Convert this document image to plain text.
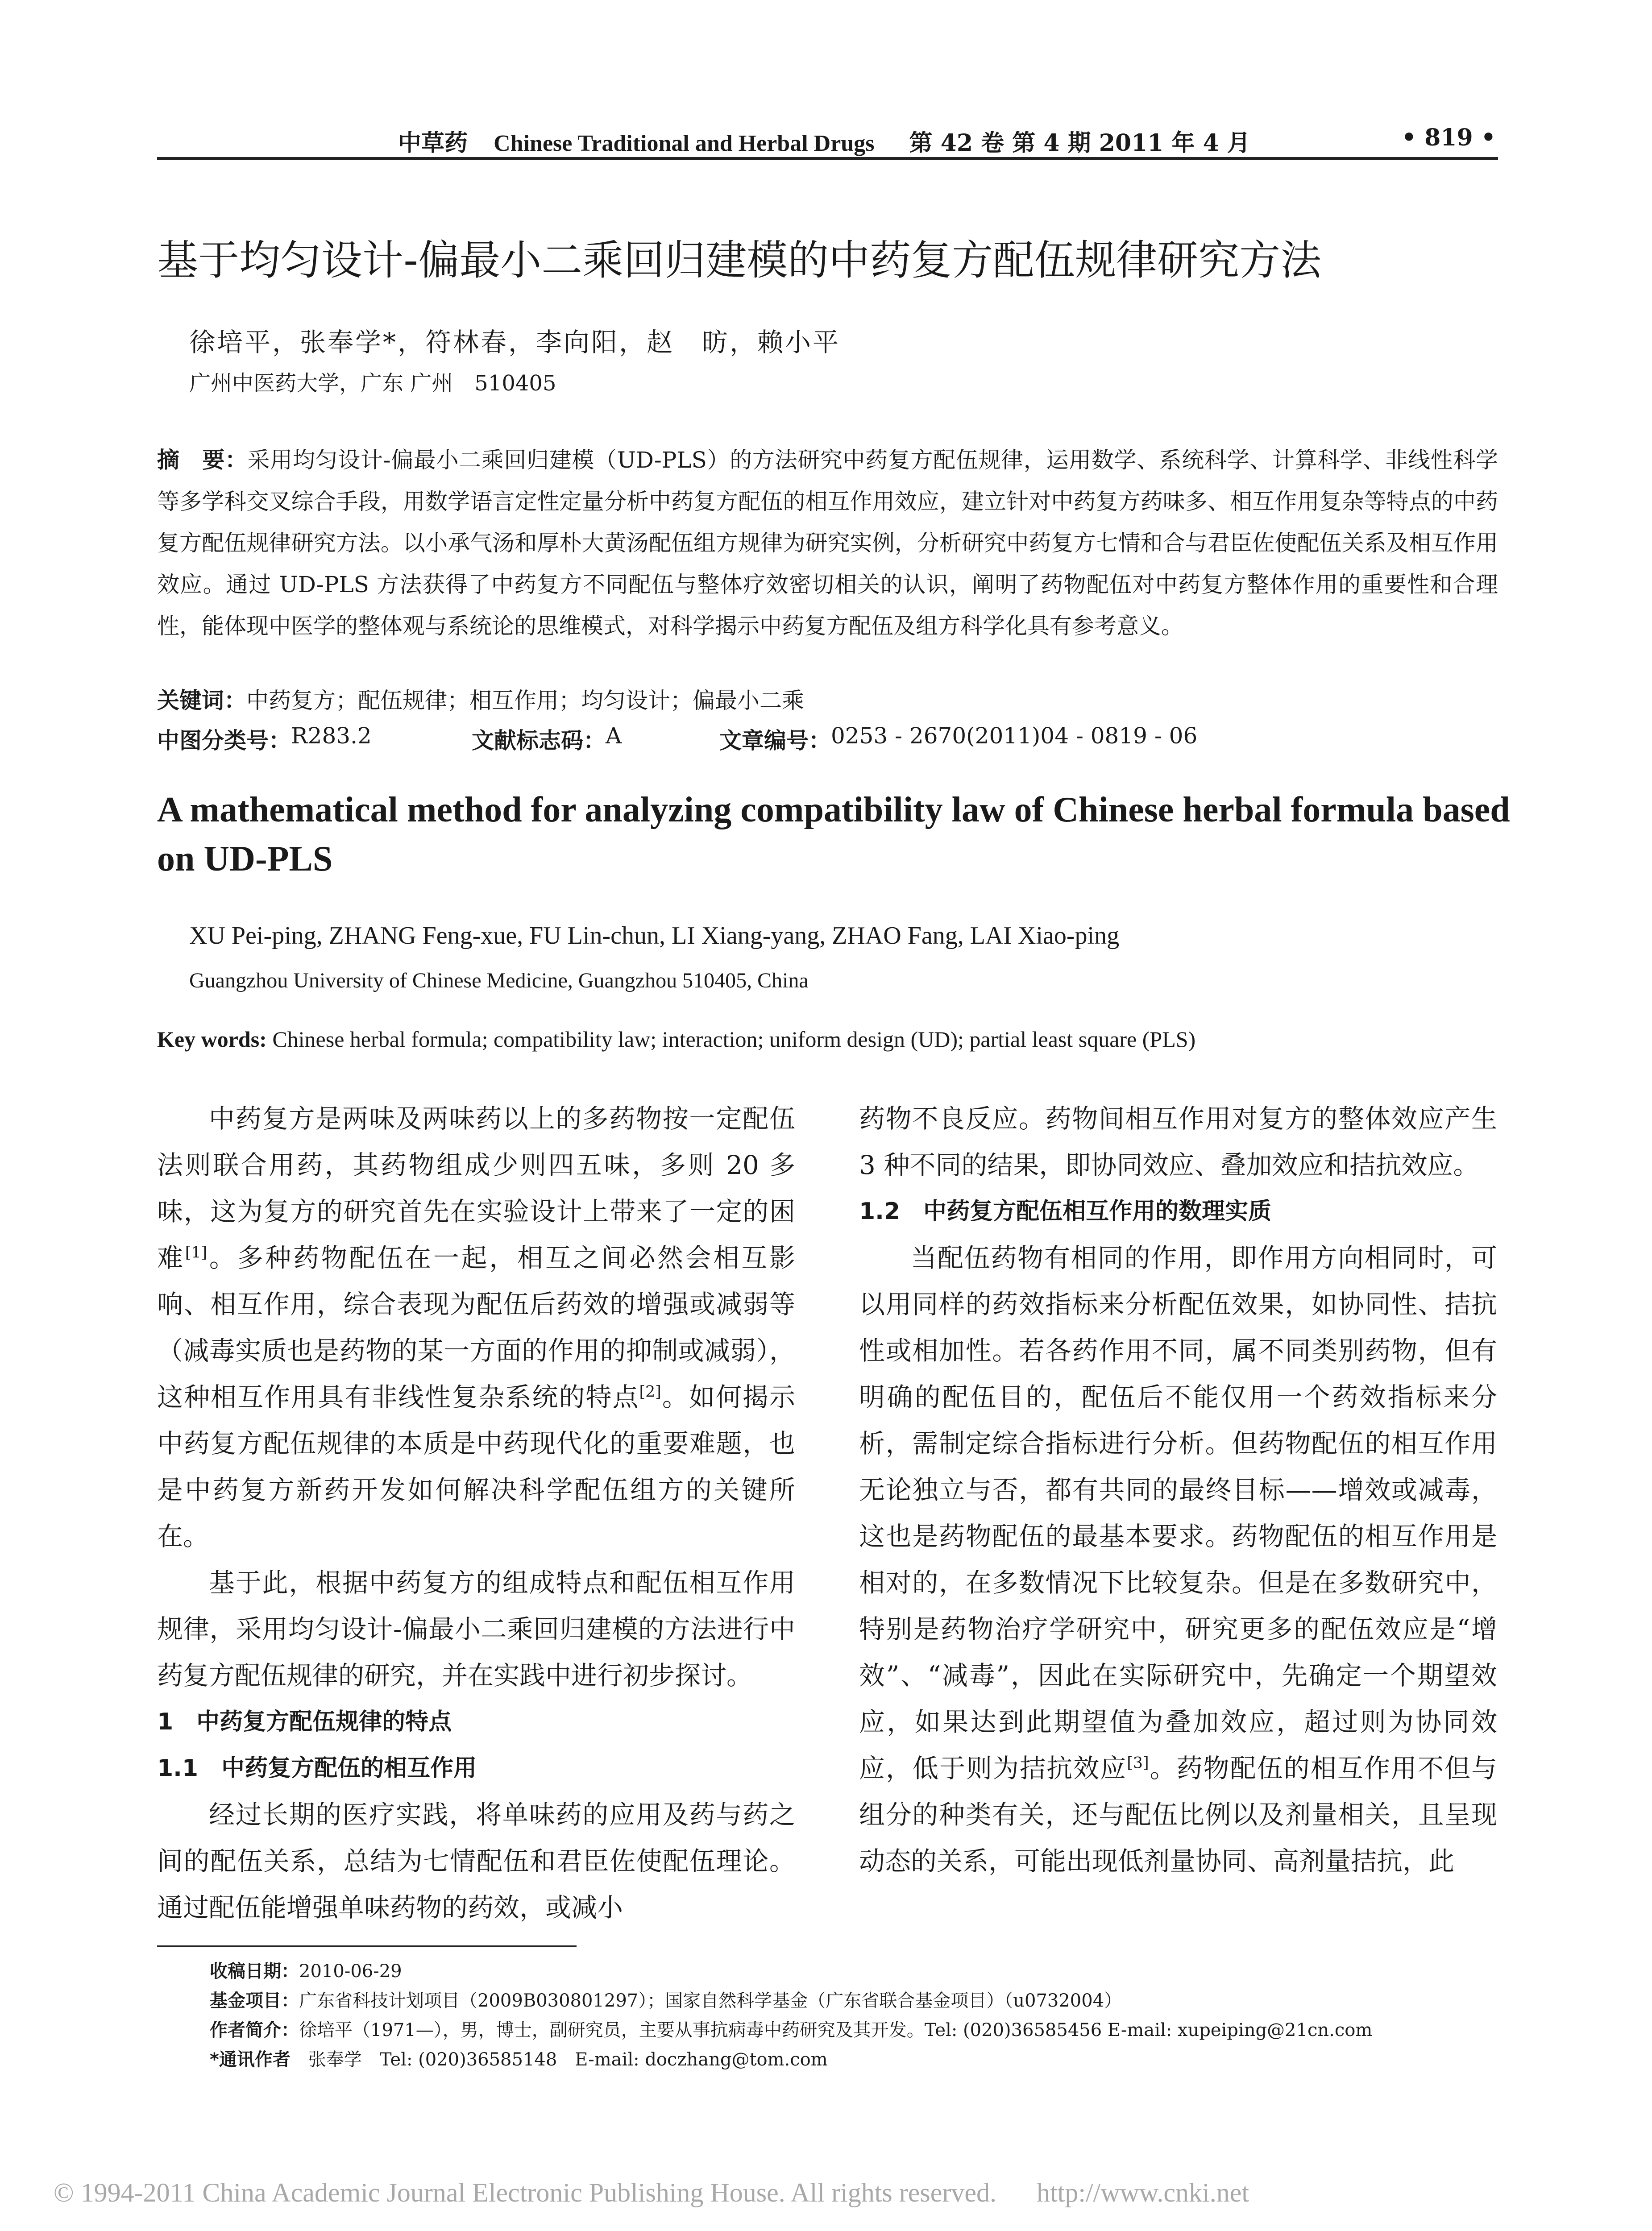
中草药 Chinese Traditional and Herbal Drugs 第 42 卷 第 4 期 2011 年 4 月	• 819 •
基于均匀设计-偏最小二乘回归建模的中药复方配伍规律研究方法
徐培平，张奉学*，符林春，李向阳，赵　昉，赖小平
广州中医药大学，广东 广州　510405
摘　要：采用均匀设计-偏最小二乘回归建模（UD-PLS）的方法研究中药复方配伍规律，运用数学、系统科学、计算科学、非线性科学等多学科交叉综合手段，用数学语言定性定量分析中药复方配伍的相互作用效应，建立针对中药复方药味多、相互作用复杂等特点的中药复方配伍规律研究方法。以小承气汤和厚朴大黄汤配伍组方规律为研究实例，分析研究中药复方七情和合与君臣佐使配伍关系及相互作用效应。通过 UD-PLS 方法获得了中药复方不同配伍与整体疗效密切相关的认识，阐明了药物配伍对中药复方整体作用的重要性和合理性，能体现中医学的整体观与系统论的思维模式，对科学揭示中药复方配伍及组方科学化具有参考意义。
关键词：中药复方；配伍规律；相互作用；均匀设计；偏最小二乘
中图分类号： R283.2	文献标志码： A	文章编号： 0253 - 2670(2011)04 - 0819 - 06
A mathematical method for analyzing compatibility law of Chinese herbal formula based on UD-PLS
XU Pei-ping, ZHANG Feng-xue, FU Lin-chun, LI Xiang-yang, ZHAO Fang, LAI Xiao-ping
Guangzhou University of Chinese Medicine, Guangzhou 510405, China
Key words: Chinese herbal formula; compatibility law; interaction; uniform design (UD); partial least square (PLS)

中药复方是两味及两味药以上的多药物按一定配伍法则联合用药，其药物组成少则四五味，多则 20 多味，这为复方的研究首先在实验设计上带来了一定的困难[1]。多种药物配伍在一起，相互之间必然会相互影响、相互作用，综合表现为配伍后药效的增强或减弱等（减毒实质也是药物的某一方面的作用的抑制或减弱），这种相互作用具有非线性复杂系统的特点[2]。如何揭示中药复方配伍规律的本质是中药现代化的重要难题，也是中药复方新药开发如何解决科学配伍组方的关键所在。

基于此，根据中药复方的组成特点和配伍相互作用规律，采用均匀设计-偏最小二乘回归建模的方法进行中药复方配伍规律的研究，并在实践中进行初步探讨。

1　中药复方配伍规律的特点
1.1　中药复方配伍的相互作用

经过长期的医疗实践，将单味药的应用及药与药之间的配伍关系，总结为七情配伍和君臣佐使配伍理论。通过配伍能增强单味药物的药效，或减小

药物不良反应。药物间相互作用对复方的整体效应产生 3 种不同的结果，即协同效应、叠加效应和拮抗效应。

1.2　中药复方配伍相互作用的数理实质

当配伍药物有相同的作用，即作用方向相同时，可以用同样的药效指标来分析配伍效果，如协同性、拮抗性或相加性。若各药作用不同，属不同类别药物，但有明确的配伍目的，配伍后不能仅用一个药效指标来分析，需制定综合指标进行分析。但药物配伍的相互作用无论独立与否，都有共同的最终目标——增效或减毒，这也是药物配伍的最基本要求。药物配伍的相互作用是相对的，在多数情况下比较复杂。但是在多数研究中，特别是药物治疗学研究中，研究更多的配伍效应是“增效”、“减毒”，因此在实际研究中，先确定一个期望效应，如果达到此期望值为叠加效应，超过则为协同效应，低于则为拮抗效应[3]。药物配伍的相互作用不但与组分的种类有关，还与配伍比例以及剂量相关，且呈现动态的关系，可能出现低剂量协同、高剂量拮抗，此

收稿日期：2010-06-29
基金项目：广东省科技计划项目（2009B030801297）；国家自然科学基金（广东省联合基金项目）（u0732004）
作者简介：徐培平（1971—），男，博士，副研究员，主要从事抗病毒中药研究及其开发。Tel: (020)36585456 E-mail: xupeiping@21cn.com
*通讯作者　 张奉学　Tel: (020)36585148　E-mail: doczhang@tom.com
© 1994-2011 China Academic Journal Electronic Publishing House. All rights reserved. http://www.cnki.net
